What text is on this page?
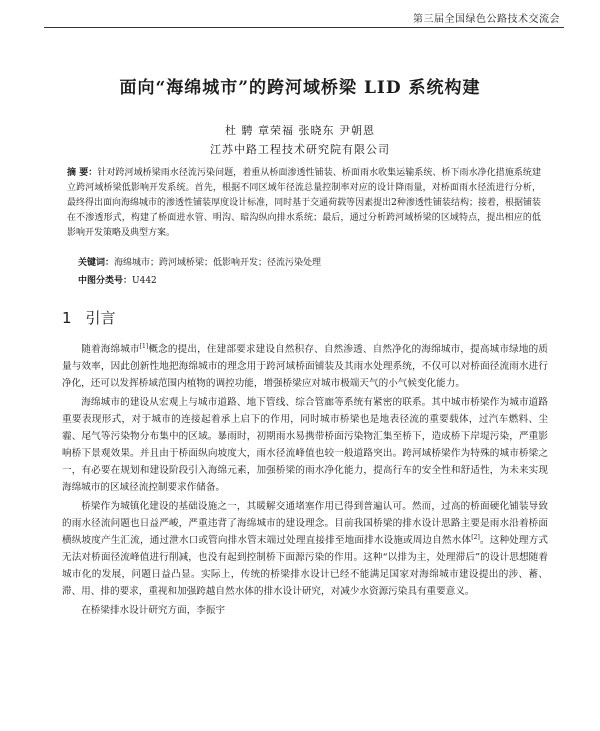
第三届全国绿色公路技术交流会
面向“海绵城市”的跨河域桥梁 LID 系统构建
杜 騁 章荣福 张晓东 尹朝恩
江苏中路工程技术研究院有限公司
摘 要：针对跨河域桥梁雨水径流污染问题，着重从桥面渗透性铺装、桥面雨水收集运输系统、桥下雨水净化措施系统建立跨河域桥梁低影响开发系统。首先，根据不同区域年径流总量控制率对应的设计降雨量，对桥面雨水径流进行分析，最终得出面向海绵城市的渗透性铺装厚度设计标准，同时基于交通荷载等因素提出2种渗透性铺装结构；接着，根据铺装在不渗透形式，构建了桥面进水管、明沟、暗沟纵向排水系统；最后，通过分析跨河域桥梁的区域特点，提出相应的低影响开发策略及典型方案。
关键词：海绵城市；跨河域桥梁；低影响开发；径流污染处理
中图分类号：U442
1 引言

随着海绵城市[1]概念的提出，住建部要求建设自然积存、自然渗透、自然净化的海绵城市，提高城市绿地的质量与效率，因此创新性地把海绵城市的理念用于跨河域桥面铺装及其雨水处理系统，不仅可以对桥面径流雨水进行净化，还可以发挥桥域范围内植物的调控功能，增强桥梁应对城市极端天气的小气候变化能力。

海绵城市的建设从宏观上与城市道路、地下管线、综合管廊等系统有紧密的联系。其中城市桥梁作为城市道路重要表现形式，对于城市的连接起着承上启下的作用，同时城市桥梁也是地表径流的重要载体，过汽车燃料、尘霾、尾气等污染物分布集中的区域。暴雨时，初期雨水易携带桥面污染物汇集至桥下，造成桥下岸堤污染，严重影响桥下景观效果。并且由于桥面纵向坡度大，雨水径流峰值也较一般道路突出。跨河域桥梁作为特殊的城市桥梁之一，有必要在规划和建设阶段引入海绵元素，加强桥梁的雨水净化能力，提高行车的安全性和舒适性，为未来实现海绵城市的区域径流控制要求作储备。

桥梁作为城镇化建设的基础设施之一，其暖解交通堵塞作用已得到普遍认可。然而，过高的桥面硬化铺装导致的雨水径流问题也日益严峻，严重违背了海绵城市的建设理念。目前我国桥梁的排水设计思路主要是雨水沿着桥面横纵坡度产生汇流，通过泄水口或管向排水管末端过处理直接排至地面排水设施或周边自然水体[2]。这种处理方式无法对桥面径流峰值进行削减，也没有起到控制桥下面源污染的作用。这种“以排为主，处理滞后”的设计思想随着城市化的发展，问题日益凸显。实际上，传统的桥梁排水设计已经不能满足国家对海绵城市建设提出的涉、蓄、滞、用、排的要求，重视和加强跨越自然水体的排水设计研究，对减少水资源污染具有重要意义。

在桥梁排水设计研究方面，李振宇
